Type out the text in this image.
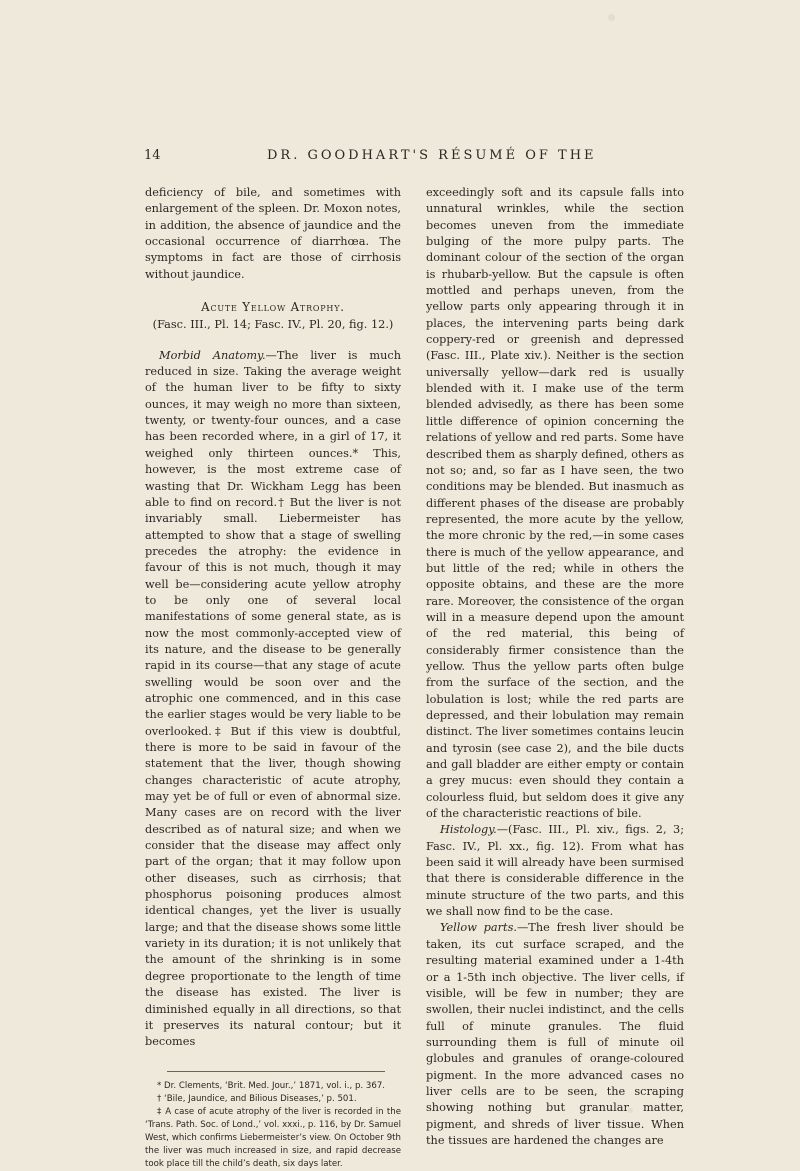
14	DR. GOODHART'S RÉSUMÉ OF THE

deficiency of bile, and sometimes with enlargement of the spleen. Dr. Moxon notes, in addition, the absence of jaundice and the occasional occurrence of diarrhœa. The symptoms in fact are those of cirrhosis without jaundice.

Acute Yellow Atrophy.
(Fasc. III., Pl. 14; Fasc. IV., Pl. 20, fig. 12.)

Morbid Anatomy.—The liver is much reduced in size. Taking the average weight of the human liver to be fifty to sixty ounces, it may weigh no more than sixteen, twenty, or twenty-four ounces, and a case has been recorded where, in a girl of 17, it weighed only thirteen ounces.* This, however, is the most extreme case of wasting that Dr. Wickham Legg has been able to find on record.† But the liver is not invariably small. Liebermeister has attempted to show that a stage of swelling precedes the atrophy: the evidence in favour of this is not much, though it may well be—considering acute yellow atrophy to be only one of several local manifestations of some general state, as is now the most commonly-accepted view of its nature, and the disease to be generally rapid in its course—that any stage of acute swelling would be soon over and the atrophic one commenced, and in this case the earlier stages would be very liable to be overlooked.‡ But if this view is doubtful, there is more to be said in favour of the statement that the liver, though showing changes characteristic of acute atrophy, may yet be of full or even of abnormal size. Many cases are on record with the liver described as of natural size; and when we consider that the disease may affect only part of the organ; that it may follow upon other diseases, such as cirrhosis; that phosphorus poisoning produces almost identical changes, yet the liver is usually large; and that the disease shows some little variety in its duration; it is not unlikely that the amount of the shrinking is in some degree proportionate to the length of time the disease has existed. The liver is diminished equally in all directions, so that it preserves its natural contour; but it becomes

* Dr. Clements, ‘Brit. Med. Jour.,’ 1871, vol. i., p. 367.

† ‘Bile, Jaundice, and Bilious Diseases,’ p. 501.

‡ A case of acute atrophy of the liver is recorded in the ‘Trans. Path. Soc. of Lond.,’ vol. xxxi., p. 116, by Dr. Samuel West, which confirms Liebermeister’s view. On October 9th the liver was much increased in size, and rapid decrease took place till the child’s death, six days later.

exceedingly soft and its capsule falls into unnatural wrinkles, while the section becomes uneven from the immediate bulging of the more pulpy parts. The dominant colour of the section of the organ is rhubarb-yellow. But the capsule is often mottled and perhaps uneven, from the yellow parts only appearing through it in places, the intervening parts being dark coppery-red or greenish and depressed (Fasc. III., Plate xiv.). Neither is the section universally yellow—dark red is usually blended with it. I make use of the term blended advisedly, as there has been some little difference of opinion concerning the relations of yellow and red parts. Some have described them as sharply defined, others as not so; and, so far as I have seen, the two conditions may be blended. But inasmuch as different phases of the disease are probably represented, the more acute by the yellow, the more chronic by the red,—in some cases there is much of the yellow appearance, and but little of the red; while in others the opposite obtains, and these are the more rare. Moreover, the consistence of the organ will in a measure depend upon the amount of the red material, this being of considerably firmer consistence than the yellow. Thus the yellow parts often bulge from the surface of the section, and the lobulation is lost; while the red parts are depressed, and their lobulation may remain distinct. The liver sometimes contains leucin and tyrosin (see case 2), and the bile ducts and gall bladder are either empty or contain a grey mucus: even should they contain a colourless fluid, but seldom does it give any of the characteristic reactions of bile.

Histology.—(Fasc. III., Pl. xiv., figs. 2, 3; Fasc. IV., Pl. xx., fig. 12). From what has been said it will already have been surmised that there is considerable difference in the minute structure of the two parts, and this we shall now find to be the case.

Yellow parts.—The fresh liver should be taken, its cut surface scraped, and the resulting material examined under a 1-4th or a 1-5th inch objective. The liver cells, if visible, will be few in number; they are swollen, their nuclei indistinct, and the cells full of minute granules. The fluid surrounding them is full of minute oil globules and granules of orange-coloured pigment. In the more advanced cases no liver cells are to be seen, the scraping showing nothing but granular matter, pigment, and shreds of liver tissue. When the tissues are hardened the changes are
